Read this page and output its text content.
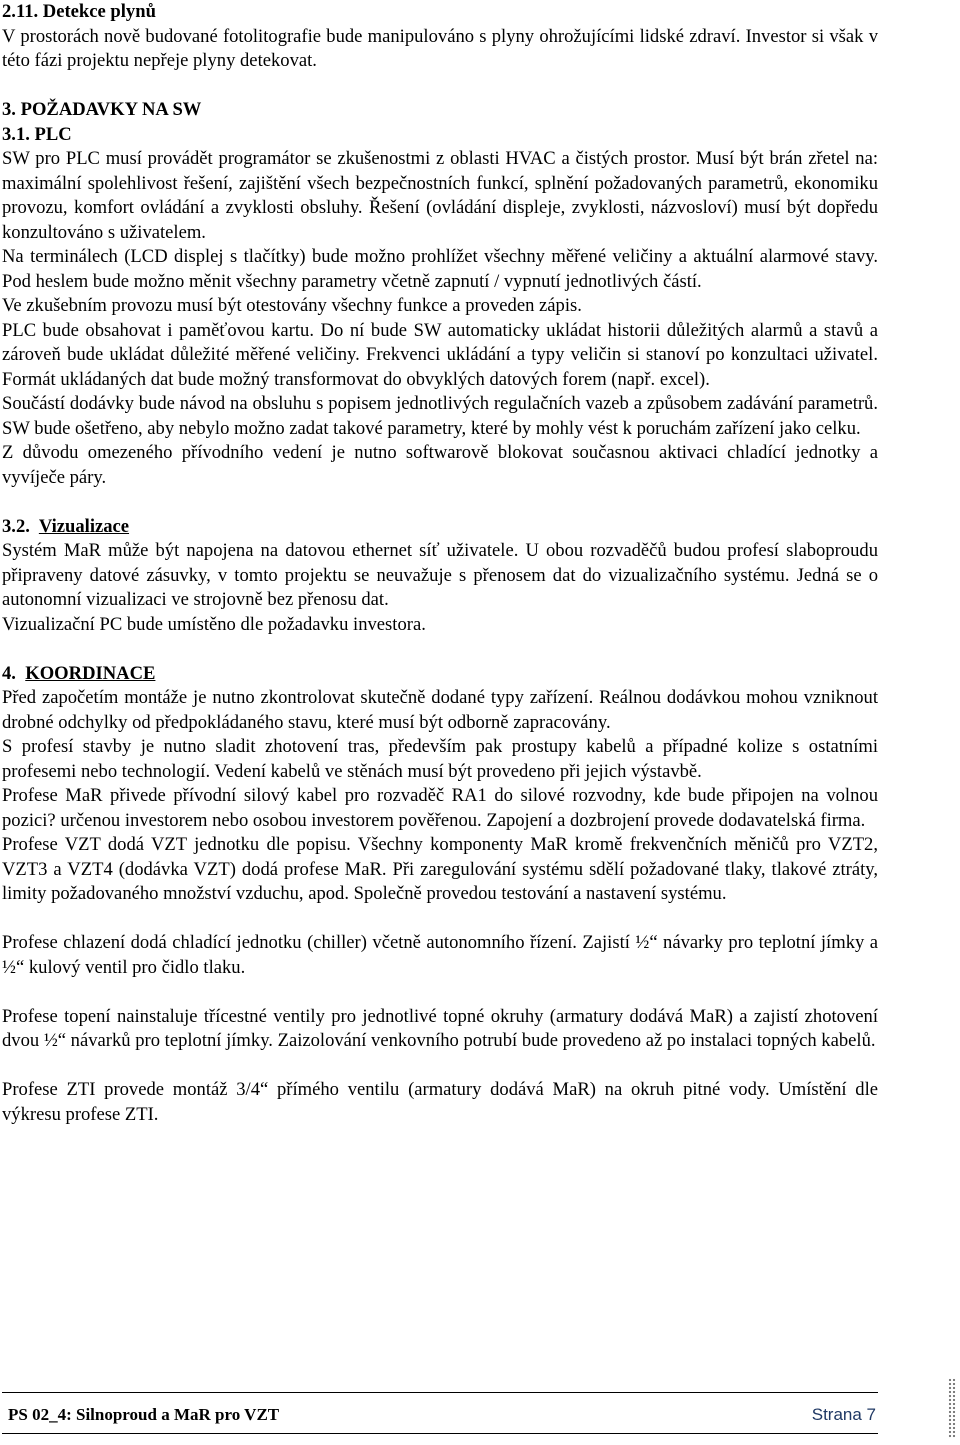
2.11. Detekce plynů

V prostorách nově budované fotolitografie bude manipulováno s plyny ohrožujícími lidské zdraví. Investor si však v této fázi projektu nepřeje plyny detekovat.

3. POŽADAVKY NA SW
3.1. PLC

SW pro PLC musí provádět programátor se zkušenostmi z oblasti HVAC a čistých prostor. Musí být brán zřetel na: maximální spolehlivost řešení, zajištění všech bezpečnostních funkcí, splnění požadovaných parametrů, ekonomiku provozu, komfort ovládání a zvyklosti obsluhy. Řešení (ovládání displeje, zvyklosti, názvosloví) musí být dopředu konzultováno s uživatelem.

Na terminálech (LCD displej s tlačítky) bude možno prohlížet všechny měřené veličiny a aktuální alarmové stavy. Pod heslem bude možno měnit všechny parametry včetně zapnutí / vypnutí jednotlivých částí.

Ve zkušebním provozu musí být otestovány všechny funkce a proveden zápis.

PLC bude obsahovat i paměťovou kartu. Do ní bude SW automaticky ukládat historii důležitých alarmů a stavů a zároveň bude ukládat důležité měřené veličiny. Frekvenci ukládání a typy veličin si stanoví po konzultaci uživatel. Formát ukládaných dat bude možný transformovat do obvyklých datových forem (např. excel).

Součástí dodávky bude návod na obsluhu s popisem jednotlivých regulačních vazeb a způsobem zadávání parametrů. SW bude ošetřeno, aby nebylo možno zadat takové parametry, které by mohly vést k poruchám zařízení jako celku.

Z důvodu omezeného přívodního vedení je nutno softwarově blokovat současnou aktivaci chladící jednotky a vyvíječe páry.

3.2. Vizualizace

Systém MaR může být napojena na datovou ethernet síť uživatele. U obou rozvaděčů budou profesí slaboproudu připraveny datové zásuvky, v tomto projektu se neuvažuje s přenosem dat do vizualizačního systému. Jedná se o autonomní vizualizaci ve strojovně bez přenosu dat.

Vizualizační PC bude umístěno dle požadavku investora.

4. KOORDINACE

Před započetím montáže je nutno zkontrolovat skutečně dodané typy zařízení. Reálnou dodávkou mohou vzniknout drobné odchylky od předpokládaného stavu, které musí být odborně zapracovány.

S profesí stavby je nutno sladit zhotovení tras, především pak prostupy kabelů a případné kolize s ostatními profesemi nebo technologií. Vedení kabelů ve stěnách musí být provedeno při jejich výstavbě.

Profese MaR přivede přívodní silový kabel pro rozvaděč RA1 do silové rozvodny, kde bude připojen na volnou pozici? určenou investorem nebo osobou investorem pověřenou. Zapojení a dozbrojení provede dodavatelská firma.

Profese VZT dodá VZT jednotku dle popisu. Všechny komponenty MaR kromě frekvenčních měničů pro VZT2, VZT3 a VZT4 (dodávka VZT) dodá profese MaR. Při zaregulování systému sdělí požadované tlaky, tlakové ztráty, limity požadovaného množství vzduchu, apod. Společně provedou testování a nastavení systému.

Profese chlazení dodá chladící jednotku (chiller) včetně autonomního řízení. Zajistí ½“ návarky pro teplotní jímky a ½“ kulový ventil pro čidlo tlaku.

Profese topení nainstaluje třícestné ventily pro jednotlivé topné okruhy (armatury dodává MaR) a zajistí zhotovení dvou ½“ návarků pro teplotní jímky. Zaizolování venkovního potrubí bude provedeno až po instalaci topných kabelů.

Profese ZTI provede montáž 3/4“ přímého ventilu (armatury dodává MaR) na okruh pitné vody. Umístění dle výkresu profese ZTI.

PS 02_4: Silnoproud a MaR pro VZT	Strana 7
